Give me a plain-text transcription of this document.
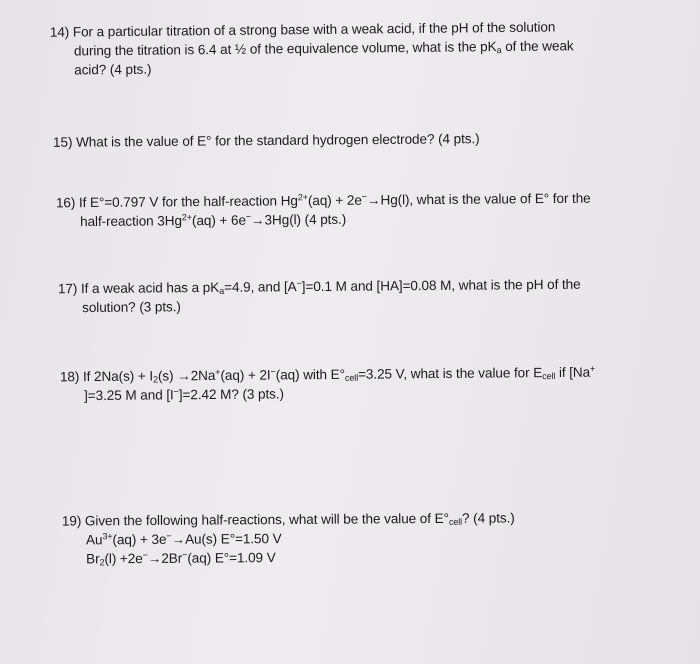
14) For a particular titration of a strong base with a weak acid, if the pH of the solution

during the titration is 6.4 at ½ of the equivalence volume, what is the $pK_a$ of the weak

acid? (4 pts.)

15) What is the value of E° for the standard hydrogen electrode? (4 pts.)

16) If E°=0.797 V for the half-reaction $Hg^{2+}(aq) + 2e^-\to Hg(l)$, what is the value of E° for the

half-reaction $3Hg^{2+}(aq) + 6e^-\to 3Hg(l)$ (4 pts.)

17) If a weak acid has a $pK_a=4.9$, and [A−]=0.1 M and [HA]=0.08 M, what is the pH of the

solution? (3 pts.)

18) If $2Na(s) + I_2(s) \to 2Na^+(aq) + 2I^-(aq)$ with $E^\circ_{cell}=3.25$ V, what is the value for $E_{cell}$ if [Na+

]=3.25 M and [I−]=2.42 M? (3 pts.)

19) Given the following half-reactions, what will be the value of $E^\circ_{cell}$? (4 pts.)

$Au^{3+}(aq) + 3e^-\to Au(s)$ E°=1.50 V

$Br_2(l) +2e^-\to 2Br^-(aq)$ E°=1.09 V
